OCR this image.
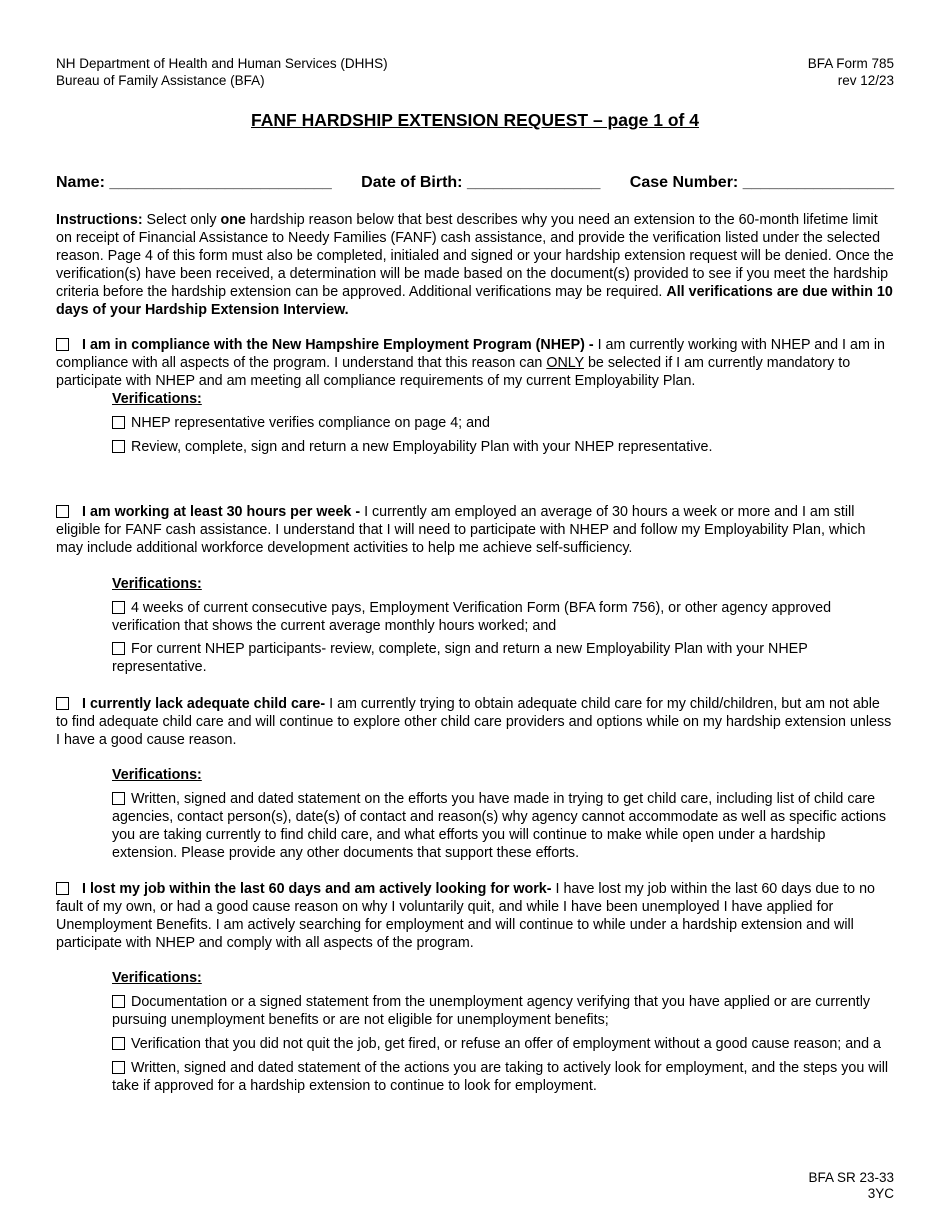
NH Department of Health and Human Services (DHHS)
Bureau of Family Assistance (BFA)
BFA Form 785
rev 12/23
FANF HARDSHIP EXTENSION REQUEST – page 1 of 4
Name: _________________________ Date of Birth: _______________ Case Number: _________________
Instructions: Select only one hardship reason below that best describes why you need an extension to the 60-month lifetime limit on receipt of Financial Assistance to Needy Families (FANF) cash assistance, and provide the verification listed under the selected reason. Page 4 of this form must also be completed, initialed and signed or your hardship extension request will be denied. Once the verification(s) have been received, a determination will be made based on the document(s) provided to see if you meet the hardship criteria before the hardship extension can be approved. Additional verifications may be required. All verifications are due within 10 days of your Hardship Extension Interview.
I am in compliance with the New Hampshire Employment Program (NHEP) - I am currently working with NHEP and I am in compliance with all aspects of the program. I understand that this reason can ONLY be selected if I am currently mandatory to participate with NHEP and am meeting all compliance requirements of my current Employability Plan.
Verifications:
NHEP representative verifies compliance on page 4; and
Review, complete, sign and return a new Employability Plan with your NHEP representative.
I am working at least 30 hours per week - I currently am employed an average of 30 hours a week or more and I am still eligible for FANF cash assistance. I understand that I will need to participate with NHEP and follow my Employability Plan, which may include additional workforce development activities to help me achieve self-sufficiency.
Verifications:
4 weeks of current consecutive pays, Employment Verification Form (BFA form 756), or other agency approved verification that shows the current average monthly hours worked; and
For current NHEP participants- review, complete, sign and return a new Employability Plan with your NHEP representative.
I currently lack adequate child care- I am currently trying to obtain adequate child care for my child/children, but am not able to find adequate child care and will continue to explore other child care providers and options while on my hardship extension unless I have a good cause reason.
Verifications:
Written, signed and dated statement on the efforts you have made in trying to get child care, including list of child care agencies, contact person(s), date(s) of contact and reason(s) why agency cannot accommodate as well as specific actions you are taking currently to find child care, and what efforts you will continue to make while open under a hardship extension. Please provide any other documents that support these efforts.
I lost my job within the last 60 days and am actively looking for work- I have lost my job within the last 60 days due to no fault of my own, or had a good cause reason on why I voluntarily quit, and while I have been unemployed I have applied for Unemployment Benefits. I am actively searching for employment and will continue to while under a hardship extension and will participate with NHEP and comply with all aspects of the program.
Verifications:
Documentation or a signed statement from the unemployment agency verifying that you have applied or are currently pursuing unemployment benefits or are not eligible for unemployment benefits;
Verification that you did not quit the job, get fired, or refuse an offer of employment without a good cause reason; and a
Written, signed and dated statement of the actions you are taking to actively look for employment, and the steps you will take if approved for a hardship extension to continue to look for employment.
BFA SR 23-33
3YC
